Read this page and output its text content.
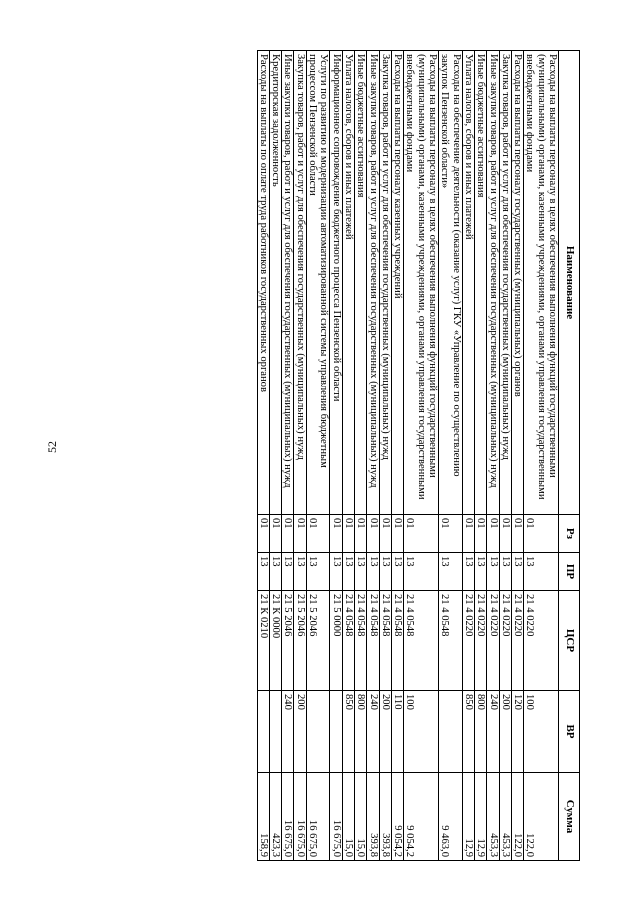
52
Наименование	Рз	ПР	ЦСР	ВР	Сумма
Расходы на выплаты персоналу в целях обеспечения выполнения функций государственными (муниципальными) органами, казенными учреждениями, органами управления государственными внебюджетными фондами	01	13	21 4 0220	100	122,0
Расходы на выплаты персоналу государственных (муниципальных) органов	01	13	21 4 0220	120	122,0
Закупка товаров, работ и услуг для обеспечения государственных (муниципальных) нужд	01	13	21 4 0220	200	453,3
Иные закупки товаров, работ и услуг для обеспечения государственных (муниципальных) нужд	01	13	21 4 0220	240	453,3
Иные бюджетные ассигнования	01	13	21 4 0220	800	12,9
Уплата налогов, сборов и иных платежей	01	13	21 4 0220	850	12,9
Расходы на обеспечение деятельности (оказание услуг) ГКУ «Управление по осуществлению закупок Пензенской области»	01	13	21 4 0548		9 463,0
Расходы на выплаты персоналу в целях обеспечения выполнения функций государственными (муниципальными) органами, казенными учреждениями, органами управления государственными внебюджетными фондами	01	13	21 4 0548	100	9 054,2
Расходы на выплаты персоналу казенных учреждений	01	13	21 4 0548	110	9 054,2
Закупка товаров, работ и услуг для обеспечения государственных (муниципальных) нужд	01	13	21 4 0548	200	393,8
Иные закупки товаров, работ и услуг для обеспечения государственных (муниципальных) нужд	01	13	21 4 0548	240	393,8
Иные бюджетные ассигнования	01	13	21 4 0548	800	15,0
Уплата налогов, сборов и иных платежей	01	13	21 4 0548	850	15,0
Информационное сопровождение бюджетного процесса Пензенской области	01	13	21 5 0000		16 675,0
Услуги по развитию и модернизации автоматизированной системы управления бюджетным процессом Пензенской области	01	13	21 5 2046		16 675,0
Закупка товаров, работ и услуг для обеспечения государственных (муниципальных) нужд	01	13	21 5 2046	200	16 675,0
Иные закупки товаров, работ и услуг для обеспечения государственных (муниципальных) нужд	01	13	21 5 2046	240	16 675,0
Кредиторская задолженность	01	13	21 К 0000		423,3
Расходы на выплаты по оплате труда работников государственных органов	01	13	21 К 0210		158,9
